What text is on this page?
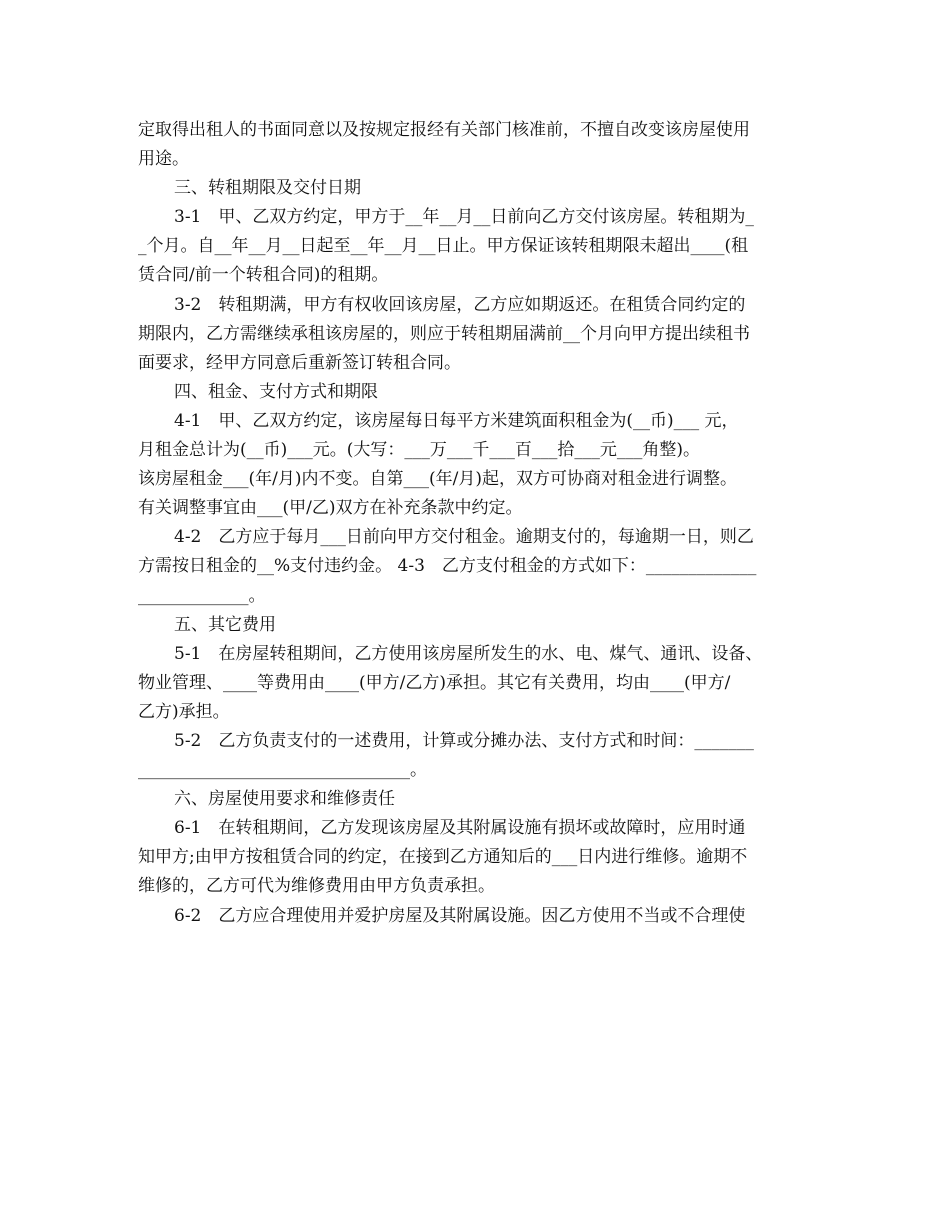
定取得出租人的书面同意以及按规定报经有关部门核准前，不擅自改变该房屋使用
用途。
三、转租期限及交付日期
3-1　甲、乙双方约定，甲方于__年__月__日前向乙方交付该房屋。转租期为_
_个月。自__年__月__日起至__年__月__日止。甲方保证该转租期限未超出____(租
赁合同/前一个转租合同)的租期。
3-2　转租期满，甲方有权收回该房屋，乙方应如期返还。在租赁合同约定的
期限内，乙方需继续承租该房屋的，则应于转租期届满前__个月向甲方提出续租书
面要求，经甲方同意后重新签订转租合同。
四、租金、支付方式和期限
4-1　甲、乙双方约定，该房屋每日每平方米建筑面积租金为(__币)___ 元，
月租金总计为(__币)___元。(大写：___万___千___百___拾___元___角整)。
该房屋租金___(年/月)内不变。自第___(年/月)起，双方可协商对租金进行调整。
有关调整事宜由___(甲/乙)双方在补充条款中约定。
4-2　乙方应于每月___日前向甲方交付租金。逾期支付的，每逾期一日，则乙
方需按日租金的__%支付违约金。 4-3　乙方支付租金的方式如下：_____________
_____________。
五、其它费用
5-1　在房屋转租期间，乙方使用该房屋所发生的水、电、煤气、通讯、设备、
物业管理、____等费用由____(甲方/乙方)承担。其它有关费用，均由____(甲方/
乙方)承担。
5-2　乙方负责支付的一述费用，计算或分摊办法、支付方式和时间：_______
________________________________。
六、房屋使用要求和维修责任
6-1　在转租期间，乙方发现该房屋及其附属设施有损坏或故障时，应用时通
知甲方;由甲方按租赁合同的约定，在接到乙方通知后的___日内进行维修。逾期不
维修的，乙方可代为维修费用由甲方负责承担。
6-2　乙方应合理使用并爱护房屋及其附属设施。因乙方使用不当或不合理使
